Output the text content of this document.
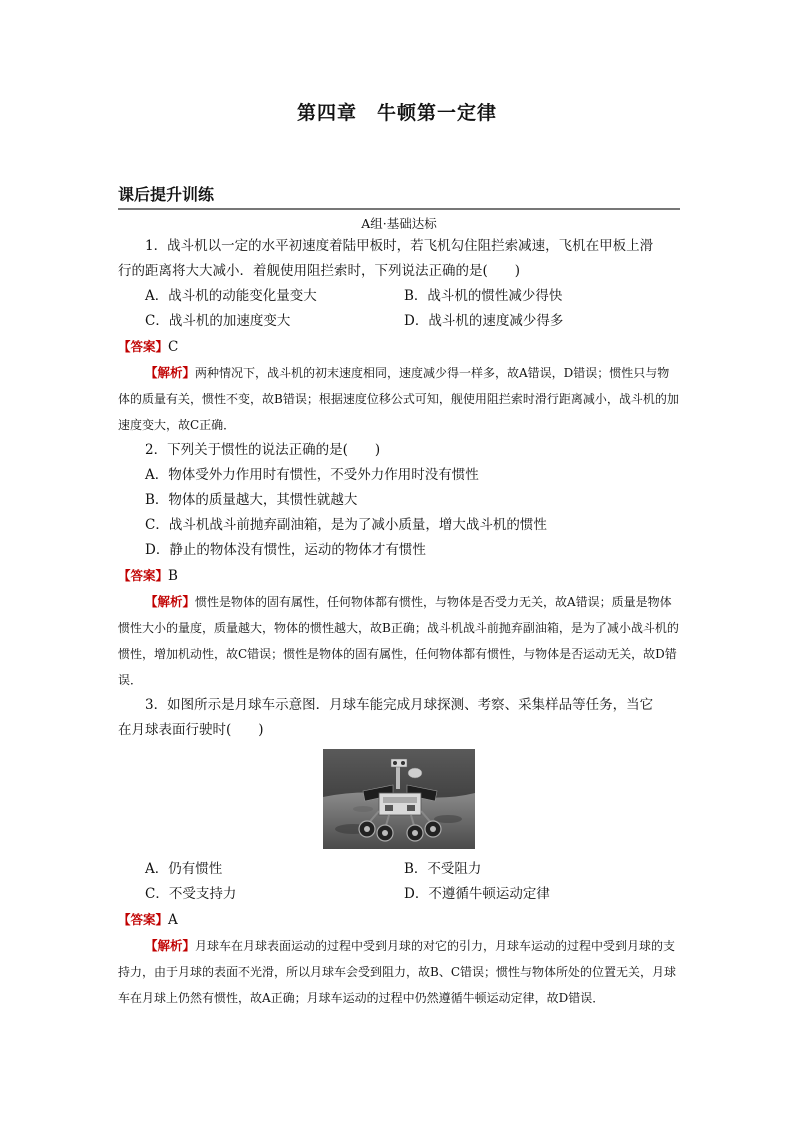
第四章　牛顿第一定律
课后提升训练
A组·基础达标

1．战斗机以一定的水平初速度着陆甲板时，若飞机勾住阻拦索减速，飞机在甲板上滑

行的距离将大大减小．着舰使用阻拦索时，下列说法正确的是(　　)

A．战斗机的动能变化量变大	B．战斗机的惯性减少得快
C．战斗机的加速度变大	D．战斗机的速度减少得多
【答案】C

【解析】两种情况下，战斗机的初末速度相同，速度减少得一样多，故A错误，D错误；惯性只与物体的质量有关，惯性不变，故B错误；根据速度位移公式可知，舰使用阻拦索时滑行距离减小，战斗机的加速度变大，故C正确．

2．下列关于惯性的说法正确的是(　　)

A．物体受外力作用时有惯性，不受外力作用时没有惯性
B．物体的质量越大，其惯性就越大
C．战斗机战斗前抛弃副油箱，是为了减小质量，增大战斗机的惯性
D．静止的物体没有惯性，运动的物体才有惯性
【答案】B

【解析】惯性是物体的固有属性，任何物体都有惯性，与物体是否受力无关，故A错误；质量是物体惯性大小的量度，质量越大，物体的惯性越大，故B正确；战斗机战斗前抛弃副油箱，是为了减小战斗机的惯性，增加机动性，故C错误；惯性是物体的固有属性，任何物体都有惯性，与物体是否运动无关，故D错误．

3．如图所示是月球车示意图．月球车能完成月球探测、考察、采集样品等任务，当它

在月球表面行驶时(　　)

A．仍有惯性	B．不受阻力
C．不受支持力	D．不遵循牛顿运动定律
【答案】A

【解析】月球车在月球表面运动的过程中受到月球的对它的引力，月球车运动的过程中受到月球的支持力，由于月球的表面不光滑，所以月球车会受到阻力，故B、C错误；惯性与物体所处的位置无关，月球车在月球上仍然有惯性，故A正确；月球车运动的过程中仍然遵循牛顿运动定律，故D错误．
